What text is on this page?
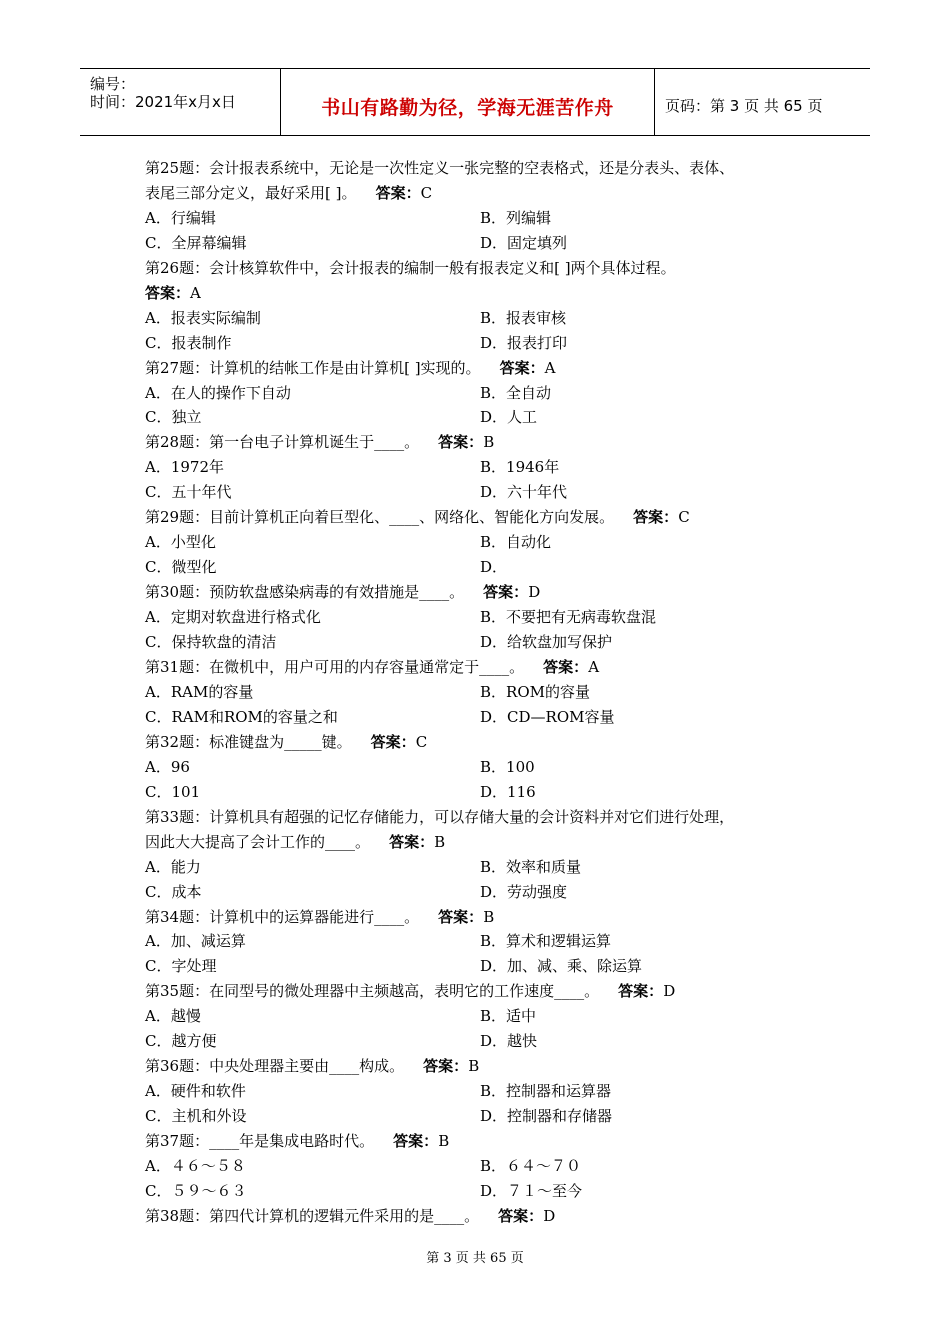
编号：
时间：2021年x月x日	书山有路勤为径，学海无涯苦作舟	页码：第 3 页 共 65 页
第25题：会计报表系统中，无论是一次性定义一张完整的空表格式，还是分表头、表体、
表尾三部分定义，最好采用[ ]。 答案：C
A．行编辑	B．列编辑
C．全屏幕编辑	D．固定填列
第26题：会计核算软件中，会计报表的编制一般有报表定义和[ ]两个具体过程。
答案：A
A．报表实际编制	B．报表审核
C．报表制作	D．报表打印
第27题：计算机的结帐工作是由计算机[ ]实现的。 答案：A
A．在人的操作下自动	B．全自动
C．独立	D．人工
第28题：第一台电子计算机诞生于____。 答案：B
A．1972年	B．1946年
C．五十年代	D．六十年代
第29题：目前计算机正向着巨型化、____、网络化、智能化方向发展。 答案：C
A．小型化	B．自动化
C．微型化	D．
第30题：预防软盘感染病毒的有效措施是____。 答案：D
A．定期对软盘进行格式化	B．不要把有无病毒软盘混
C．保持软盘的清洁	D．给软盘加写保护
第31题：在微机中，用户可用的内存容量通常定于____。 答案：A
A．RAM的容量	B．ROM的容量
C．RAM和ROM的容量之和	D．CD—ROM容量
第32题：标准键盘为_____键。 答案：C
A．96	B．100
C．101	D．116
第33题：计算机具有超强的记忆存储能力，可以存储大量的会计资料并对它们进行处理，
因此大大提高了会计工作的____。 答案：B
A．能力	B．效率和质量
C．成本	D．劳动强度
第34题：计算机中的运算器能进行____。 答案：B
A．加、减运算	B．算术和逻辑运算
C．字处理	D．加、减、乘、除运算
第35题：在同型号的微处理器中主频越高，表明它的工作速度____。 答案：D
A．越慢	B．适中
C．越方便	D．越快
第36题：中央处理器主要由____构成。 答案：B
A．硬件和软件	B．控制器和运算器
C．主机和外设	D．控制器和存储器
第37题：____年是集成电路时代。 答案：B
A．４６～５８	B．６４～７０
C．５９～６３	D．７１～至今
第38题：第四代计算机的逻辑元件采用的是____。 答案：D
第 3 页 共 65 页
